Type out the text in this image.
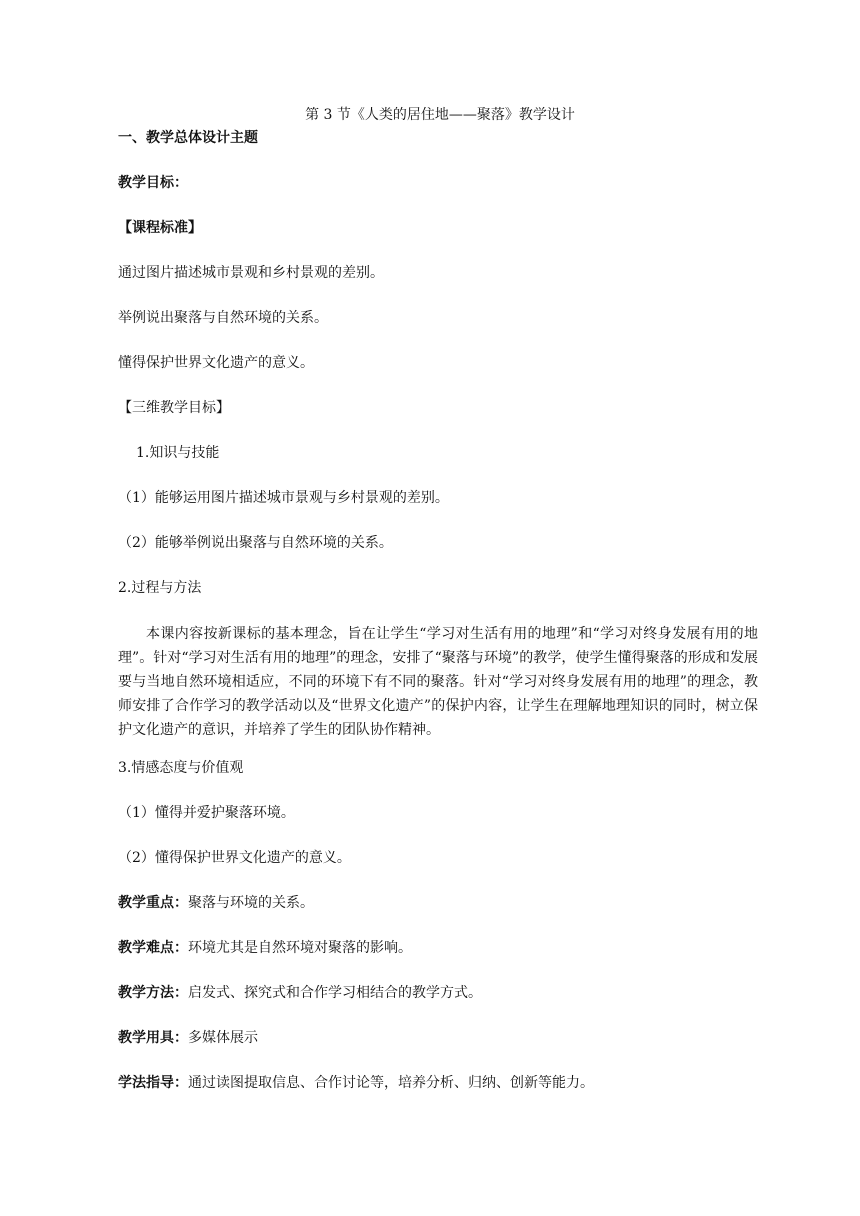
第 3 节《人类的居住地——聚落》教学设计
一、教学总体设计主题
教学目标：
【课程标准】
通过图片描述城市景观和乡村景观的差别。
举例说出聚落与自然环境的关系。
懂得保护世界文化遗产的意义。
【三维教学目标】
1.知识与技能
（1）能够运用图片描述城市景观与乡村景观的差别。
（2）能够举例说出聚落与自然环境的关系。
2.过程与方法
本课内容按新课标的基本理念，旨在让学生“学习对生活有用的地理”和“学习对终身发展有用的地理”。针对“学习对生活有用的地理”的理念，安排了“聚落与环境”的教学，使学生懂得聚落的形成和发展要与当地自然环境相适应，不同的环境下有不同的聚落。针对“学习对终身发展有用的地理”的理念，教师安排了合作学习的教学活动以及“世界文化遗产”的保护内容，让学生在理解地理知识的同时，树立保护文化遗产的意识，并培养了学生的团队协作精神。
3.情感态度与价值观
（1）懂得并爱护聚落环境。
（2）懂得保护世界文化遗产的意义。
教学重点：聚落与环境的关系。
教学难点：环境尤其是自然环境对聚落的影响。
教学方法：启发式、探究式和合作学习相结合的教学方式。
教学用具：多媒体展示
学法指导：通过读图提取信息、合作讨论等，培养分析、归纳、创新等能力。
